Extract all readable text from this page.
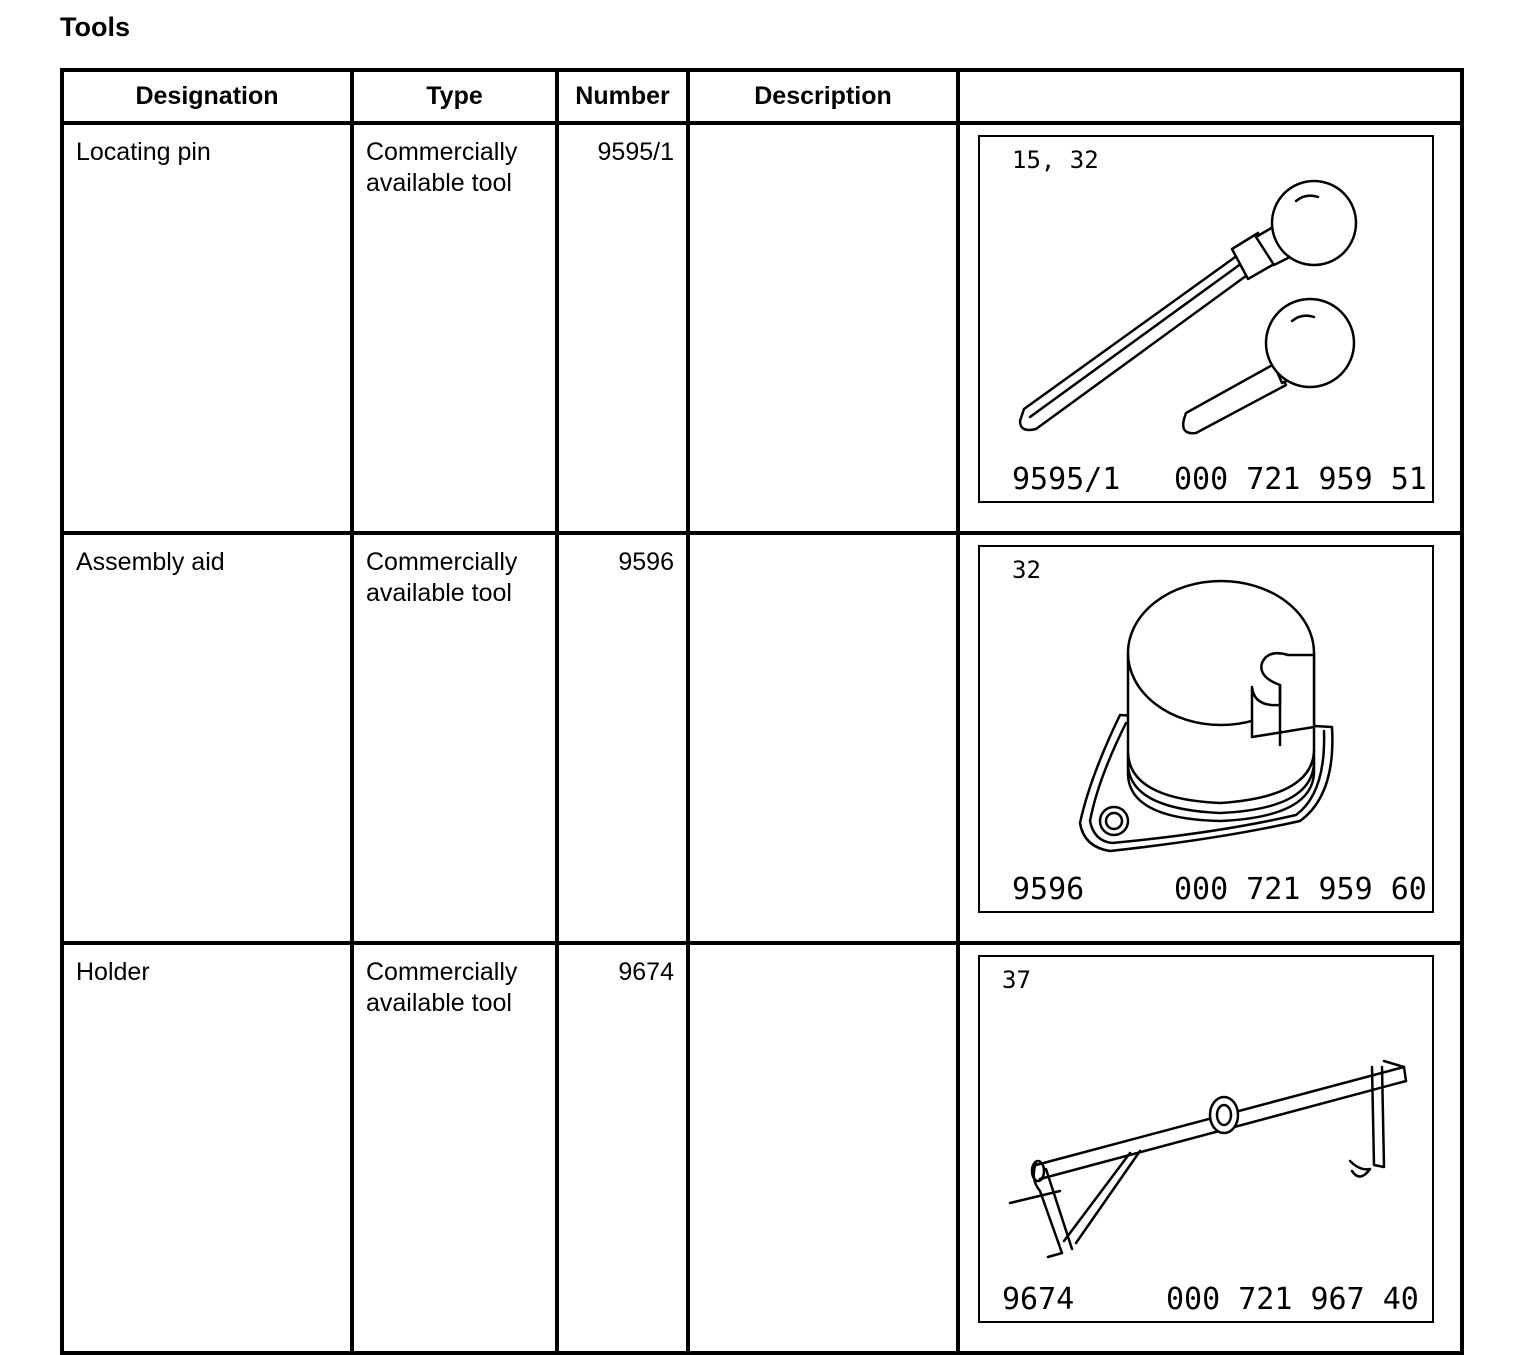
Tools
Designation	Type	Number	Description	
Locating pin	Commercially available tool	9595/1		15, 32
9595/1 000 721 959 51

Assembly aid	Commercially available tool	9596		32
9596 000 721 959 60

Holder	Commercially available tool	9674		37
9674 000 721 967 40
